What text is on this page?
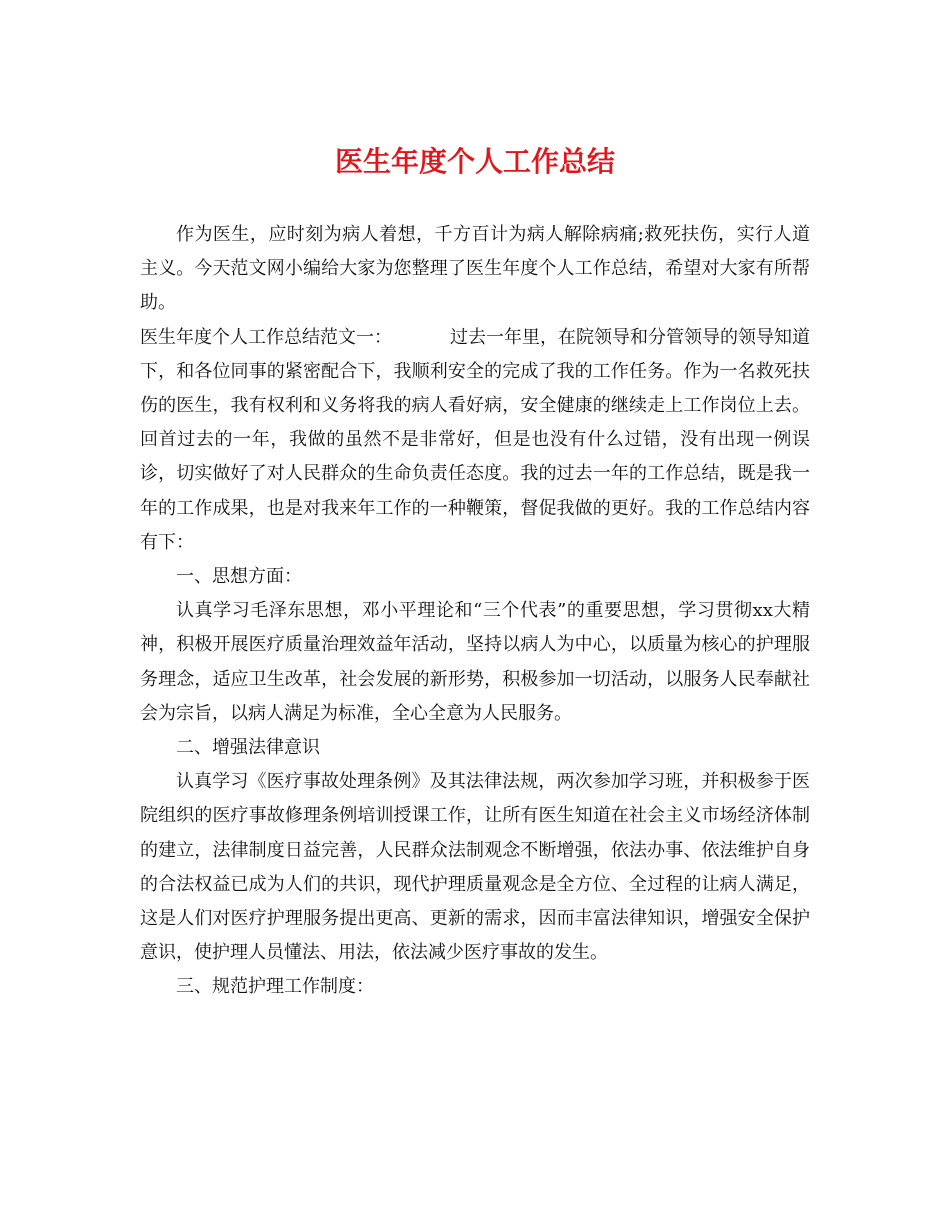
医生年度个人工作总结

作为医生，应时刻为病人着想，千方百计为病人解除病痛;救死扶伤，实行人道主义。今天范文网小编给大家为您整理了医生年度个人工作总结，希望对大家有所帮助。

医生年度个人工作总结范文一：	过去一年里，在院领导和分管领导的领导知道下，和各位同事的紧密配合下，我顺利安全的完成了我的工作任务。作为一名救死扶伤的医生，我有权利和义务将我的病人看好病，安全健康的继续走上工作岗位上去。回首过去的一年，我做的虽然不是非常好，但是也没有什么过错，没有出现一例误诊，切实做好了对人民群众的生命负责任态度。我的过去一年的工作总结，既是我一年的工作成果，也是对我来年工作的一种鞭策，督促我做的更好。我的工作总结内容有下：

一、思想方面：

认真学习毛泽东思想，邓小平理论和“三个代表”的重要思想，学习贯彻xx大精神，积极开展医疗质量治理效益年活动，坚持以病人为中心，以质量为核心的护理服务理念，适应卫生改革，社会发展的新形势，积极参加一切活动，以服务人民奉献社会为宗旨，以病人满足为标准，全心全意为人民服务。

二、增强法律意识

认真学习《医疗事故处理条例》及其法律法规，两次参加学习班，并积极参于医院组织的医疗事故修理条例培训授课工作，让所有医生知道在社会主义市场经济体制的建立，法律制度日益完善，人民群众法制观念不断增强，依法办事、依法维护自身的合法权益已成为人们的共识，现代护理质量观念是全方位、全过程的让病人满足，这是人们对医疗护理服务提出更高、更新的需求，因而丰富法律知识，增强安全保护意识，使护理人员懂法、用法，依法减少医疗事故的发生。

三、规范护理工作制度：
